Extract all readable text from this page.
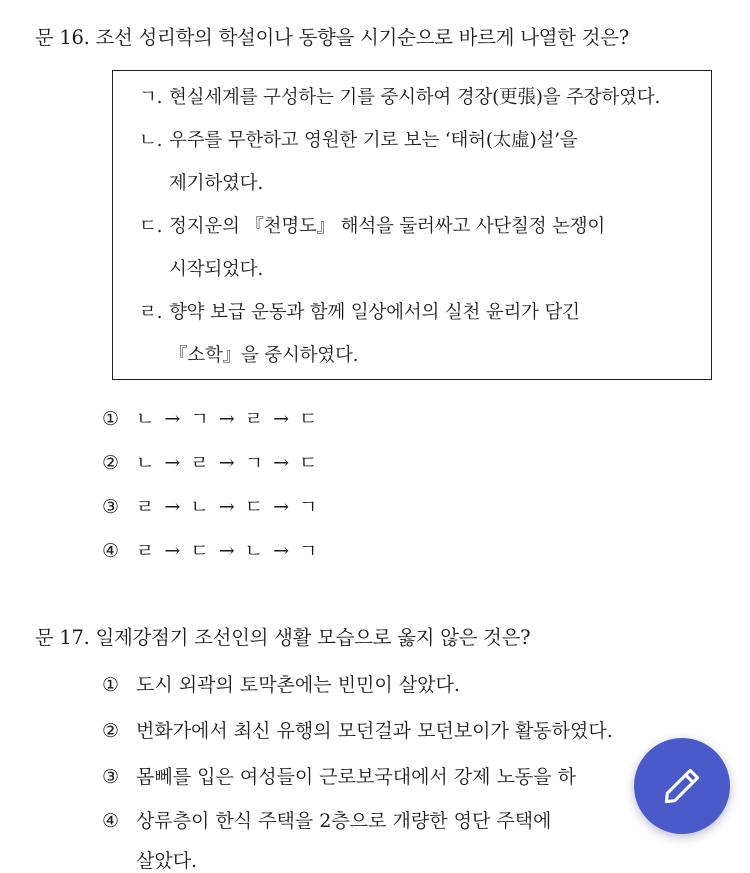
문 16. 조선 성리학의 학설이나 동향을 시기순으로 바르게 나열한 것은?
ㄱ. 현실세계를 구성하는 기를 중시하여 경장(更張)을 주장하였다.
ㄴ. 우주를 무한하고 영원한 기로 보는 ‘태허(太虛)설’을
제기하였다.
ㄷ. 정지운의 『천명도』 해석을 둘러싸고 사단칠정 논쟁이
시작되었다.
ㄹ. 향약 보급 운동과 함께 일상에서의 실천 윤리가 담긴
『소학』을 중시하였다.
① ㄴ → ㄱ → ㄹ → ㄷ
② ㄴ → ㄹ → ㄱ → ㄷ
③ ㄹ → ㄴ → ㄷ → ㄱ
④ ㄹ → ㄷ → ㄴ → ㄱ
문 17. 일제강점기 조선인의 생활 모습으로 옳지 않은 것은?
① 도시 외곽의 토막촌에는 빈민이 살았다.
② 번화가에서 최신 유행의 모던걸과 모던보이가 활동하였다.
③ 몸뻬를 입은 여성들이 근로보국대에서 강제 노동을 하
④ 상류층이 한식 주택을 2층으로 개량한 영단 주택에
살았다.
